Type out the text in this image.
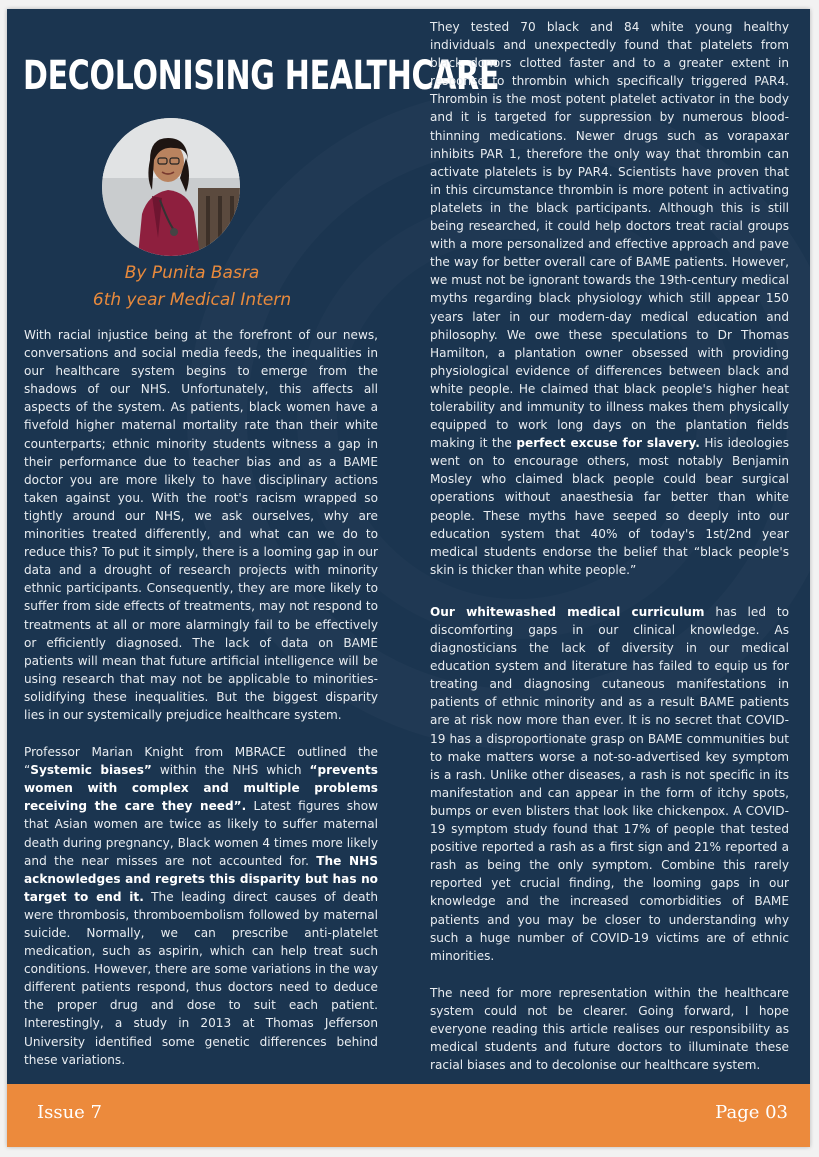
DECOLONISING HEALTHCARE
By Punita Basra
6th year Medical Intern

With racial injustice being at the forefront of our news, conversations and social media feeds, the inequalities in our healthcare system begins to emerge from the shadows of our NHS. Unfortunately, this affects all aspects of the system. As patients, black women have a fivefold higher maternal mortality rate than their white counterparts; ethnic minority students witness a gap in their performance due to teacher bias and as a BAME doctor you are more likely to have disciplinary actions taken against you. With the root's racism wrapped so tightly around our NHS, we ask ourselves, why are minorities treated differently, and what can we do to reduce this? To put it simply, there is a looming gap in our data and a drought of research projects with minority ethnic participants. Consequently, they are more likely to suffer from side effects of treatments, may not respond to treatments at all or more alarmingly fail to be effectively or efficiently diagnosed. The lack of data on BAME patients will mean that future artificial intelligence will be using research that may not be applicable to minorities- solidifying these inequalities. But the biggest disparity lies in our systemically prejudice healthcare system.

Professor Marian Knight from MBRACE outlined the “Systemic biases” within the NHS which “prevents women with complex and multiple problems receiving the care they need”. Latest figures show that Asian women are twice as likely to suffer maternal death during pregnancy, Black women 4 times more likely and the near misses are not accounted for. The NHS acknowledges and regrets this disparity but has no target to end it. The leading direct causes of death were thrombosis, thromboembolism followed by maternal suicide. Normally, we can prescribe anti-platelet medication, such as aspirin, which can help treat such conditions. However, there are some variations in the way different patients respond, thus doctors need to deduce the proper drug and dose to suit each patient. Interestingly, a study in 2013 at Thomas Jefferson University identified some genetic differences behind these variations.

They tested 70 black and 84 white young healthy individuals and unexpectedly found that platelets from black donors clotted faster and to a greater extent in response to thrombin which specifically triggered PAR4. Thrombin is the most potent platelet activator in the body and it is targeted for suppression by numerous blood-thinning medications. Newer drugs such as vorapaxar inhibits PAR 1, therefore the only way that thrombin can activate platelets is by PAR4. Scientists have proven that in this circumstance thrombin is more potent in activating platelets in the black participants. Although this is still being researched, it could help doctors treat racial groups with a more personalized and effective approach and pave the way for better overall care of BAME patients. However, we must not be ignorant towards the 19th-century medical myths regarding black physiology which still appear 150 years later in our modern-day medical education and philosophy. We owe these speculations to Dr Thomas Hamilton, a plantation owner obsessed with providing physiological evidence of differences between black and white people. He claimed that black people's higher heat tolerability and immunity to illness makes them physically equipped to work long days on the plantation fields making it the perfect excuse for slavery. His ideologies went on to encourage others, most notably Benjamin Mosley who claimed black people could bear surgical operations without anaesthesia far better than white people. These myths have seeped so deeply into our education system that 40% of today's 1st/2nd year medical students endorse the belief that “black people's skin is thicker than white people.”

Our whitewashed medical curriculum has led to discomforting gaps in our clinical knowledge. As diagnosticians the lack of diversity in our medical education system and literature has failed to equip us for treating and diagnosing cutaneous manifestations in patients of ethnic minority and as a result BAME patients are at risk now more than ever. It is no secret that COVID-19 has a disproportionate grasp on BAME communities but to make matters worse a not-so-advertised key symptom is a rash. Unlike other diseases, a rash is not specific in its manifestation and can appear in the form of itchy spots, bumps or even blisters that look like chickenpox. A COVID-19 symptom study found that 17% of people that tested positive reported a rash as a first sign and 21% reported a rash as being the only symptom. Combine this rarely reported yet crucial finding, the looming gaps in our knowledge and the increased comorbidities of BAME patients and you may be closer to understanding why such a huge number of COVID-19 victims are of ethnic minorities.

The need for more representation within the healthcare system could not be clearer. Going forward, I hope everyone reading this article realises our responsibility as medical students and future doctors to illuminate these racial biases and to decolonise our healthcare system.

Issue 7	Page 03
